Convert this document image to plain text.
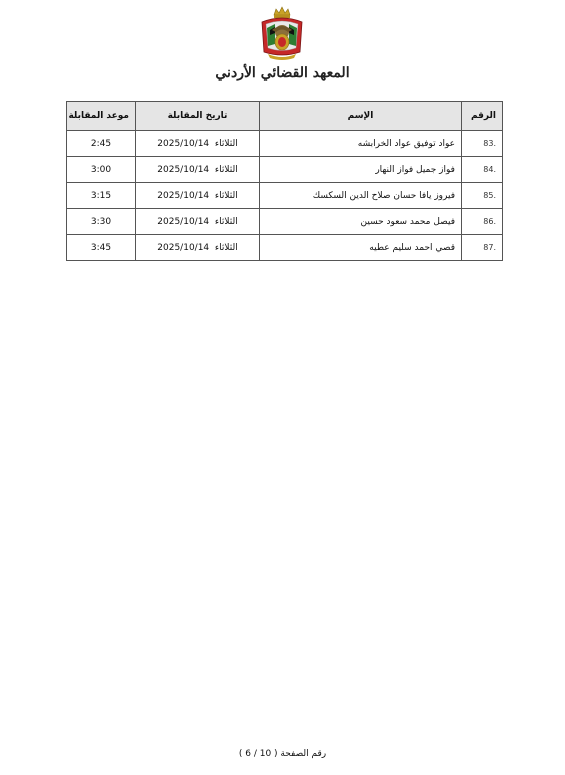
المعهد القضائي الأردني
الرقم	الإسم	تاريخ المقابلة	موعد المقابلة
.83	عواد توفيق عواد الخرابشه	الثلاثاء  2025/10/14	2:45
.84	فواز جميل فواز النهار	الثلاثاء  2025/10/14	3:00
.85	فيروز يافا حسان صلاح الدين السكسك	الثلاثاء  2025/10/14	3:15
.86	فيصل محمد سعود حسين	الثلاثاء  2025/10/14	3:30
.87	قصي احمد سليم عطيه	الثلاثاء  2025/10/14	3:45
رقم الصفحة ( 10 / 6 )
